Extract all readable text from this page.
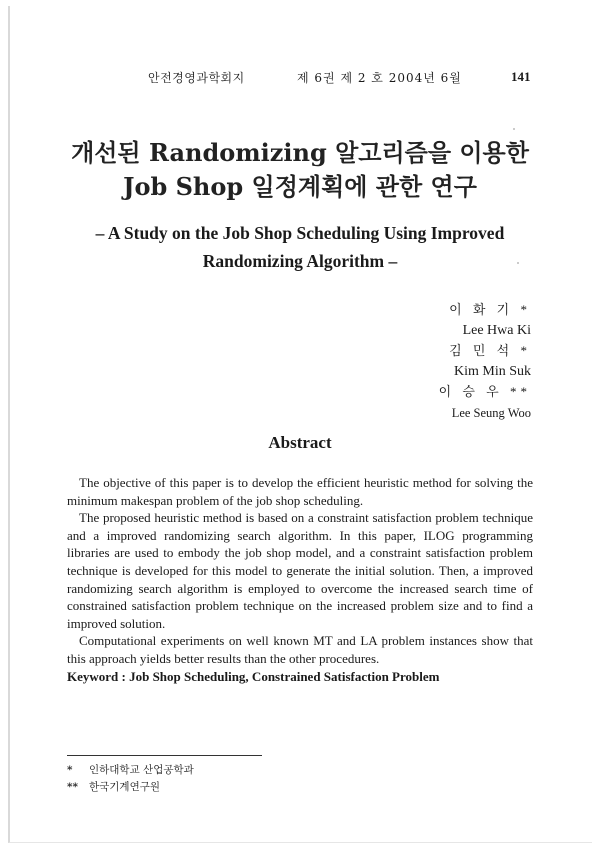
안전경영과학회지	제 6권 제 2 호 2004년 6월	141
개선된 Randomizing 알고리즘을 이용한
Job Shop 일정계획에 관한 연구
– A Study on the Job Shop Scheduling Using Improved
Randomizing Algorithm –
이 화 기 *
Lee Hwa Ki
김 민 석 *
Kim Min Suk
이 승 우 **
Lee Seung Woo
Abstract

The objective of this paper is to develop the efficient heuristic method for solving the minimum makespan problem of the job shop scheduling.

The proposed heuristic method is based on a constraint satisfaction problem technique and a improved randomizing search algorithm. In this paper, ILOG programming libraries are used to embody the job shop model, and a constraint satisfaction problem technique is developed for this model to generate the initial solution. Then, a improved randomizing search algorithm is employed to overcome the increased search time of constrained satisfaction problem technique on the increased problem size and to find a improved solution.

Computational experiments on well known MT and LA problem instances show that this approach yields better results than the other procedures.

Keyword : Job Shop Scheduling, Constrained Satisfaction Problem

* 인하대학교 산업공학과
** 한국기계연구원
